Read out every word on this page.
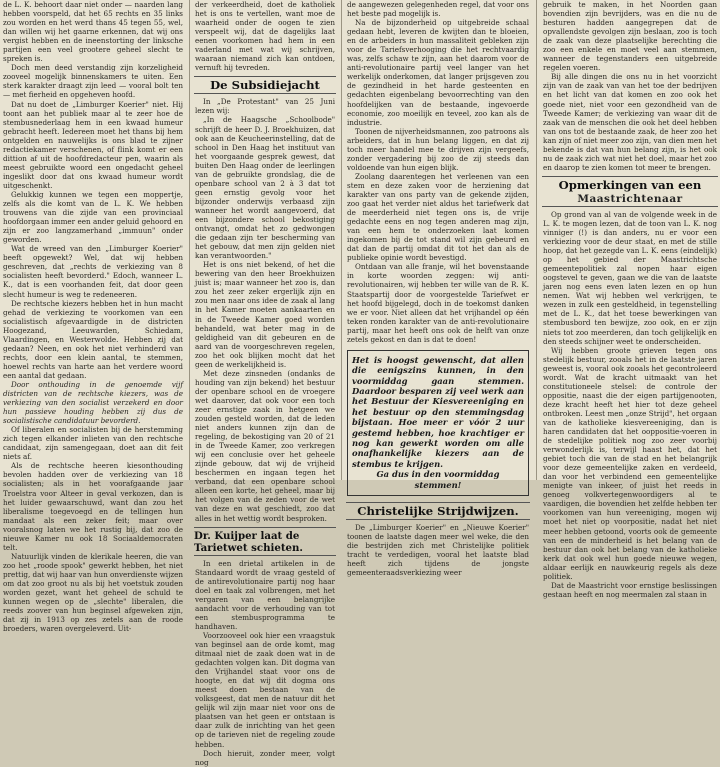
de L. K. behoort daar niet onder — naarden lang hebben voorspeld, dat het 65 rechts en 35 links zou worden en het werd thans 45 tegen 55, wel, dan willen wij het gaarne erkennen, dat wij ons vergist hebben en de ineenstorting der linksche partijen een veel grootere geheel slecht te spreken is.

Doch men deed verstandig zijn korzeligheid zooveel mogelijk binnenskamers te uiten. Een sterk karakter draagt zijn leed — vooral bolt ten — met fierheid en opgeheven hoofd.

Dat nu doet de „Limburger Koerier" niet. Hij toont aan het publiek maar al te zeer hoe de stembusnederlaag hem in een kwaad humeur gebracht heeft. Iedereen moet het thans bij hem ontgelden en nauwelijks is ons blad te zijner redactiekamer verschenen, of flink komt er een dittion af uit de hoofdredacteur pen, waarin als meest gebruikte woord een ongedacht geheel ingeslikt door dat ons kwaad humeur wordt uitgeschenkt.

Gelukkig kunnen we tegen een moppertje, zelfs als die komt van de L. K. We hebben trouwens van die zijde van een provinciaal hoofdorgaan immer een ander geluid gehoord en zijn er zoo langzamerhand „immuun" onder geworden.

Wat de wreed van den „Limburger Koerier" beeft opgewekt? Wel, dat wij hebben geschreven, dat „rechts de verkiezing van 8 socialisten heeft bevorderd." Edoch, wanneer L. K., dat is een voorhanden feit, dat door geen slecht humeur is weg te redeneeren.

De rechtsche kiezers hebben het in hun macht gehad de verkiezing te voorkomen van een socialistisch afgevaardigde in de districten Hoogezand, Leeuwarden, Schiedam, Vlaardingen, en Westerwolde. Hebben zij dat gedaan? Neen, en ook het niet verhinderd van rechts, door een klein aantal, te stemmen, hoewel rechts van harte aan het verdere woord een aantal dat gedaan.

Door onthouding in de genoemde vijf districten van de rechtsche kiezers, was de verkiezing van den socialist verzekerd en door hun passieve houding hebben zij dus de socialistische candidatuur bevorderd.

Of liberalen en socialisten bij de herstemming zich tegen elkander inlieten van den rechtsche candidaat, zijn samengegaan, doet aan dit feit niets af.

Als de rechtsche heeren kiesonthouding bevolen hadden over de verkiezing van 18 socialisten; als in het voorafgaande jaar Troelstra voor Alteer in geval verkozen, dan is het luider gewaarschuwd, want dan zou het liberalisme toegevoegd en de tellingen hun mandaat als een zeker feit; maar over vooralsnog laten we het rustig bij, dat zoo de nieuwe Kamer nu ook 18 Sociaaldemocraten telt.

Natuurlijk vinden de klerikale heeren, die van zoo het „roode spook" gewerkt hebben, het niet prettig, dat wij haar van hun onverdienste wijzen om dat zoo groot nu als bij het voetstuk zouden worden gezet, want het geheel de schuld te kunnen wegen op de „slechte" liberalen, die reeds zoover van hun beginsel afgeweken zijn, dat zij in 1913 op zes zetels aan de roode broeders, waren overgeleverd. Uit-

der verkeerdheid, doet de katholiek het is ons te vertellen, want moe de waarheid onder de oogen te zien verspeelt wij, dat de dagelijks laat eenen voorkomen had hem in een vaderland met wat wij schrijven, waaraan niemand zich kan ontdoen, vernuft hij tevreden.

De Subsidiejacht

In „De Protestant" van 25 Juni lezen wij:

„In de Haagsche „Schoolbode" schrijft de heer D. J. Broekhuizen, dat ook aan de Keucheerinstelling, dat de school in Den Haag het instituut van het voorgaande gesprek gewest, dat buiten Den Haag onder de leerlingen van de gebruikte grondslag, die de openbare school van 2 à 3 dat tot geen ernstig gevolg voor het bijzonder onderwijs verbaasd zijn wanneer het wordt aangevoerd, dat een bijzondere school bekostiging ontvangt, omdat het zo gedwongen die gedaan zijn ter bescherming van het gebouw, dat men zijn gelden niet kan verantwoorden."

Het is ons niet bekend, of het die bewering van den heer Broekhuizen juist is; maar wanneer het zoo is, dan zou het zeer zeker ergerlijk zijn en zou men naar ons idee de zaak al lang in het Kamer moeten aankaarten en in de Tweede Kamer goed worden behandeld, wat beter mag in de geldigheid van dit gebeuren en de aard van de voorgeschreven regelen, zoo het ook blijken mocht dat het geen de werkelijkheid is.

Met deze zinsneden (ondanks de houding van zijn bekend) het bestuur der openbare school en de vroegere wet daarover, dat ook voor een toch zeer ernstige zaak in hetgeen we zouden gesteld worden, dat de leden niet anders kunnen zijn dan de regeling, de bekostiging van 20 of 21 in de Tweede Kamer, zoo verkregen wij een conclusie over het geheele zijnde gebouw, dat wij de vrijheid beschermen en ingaan tegen het verband, dat een openbare school alleen een korte, het geheel, maar bij het volgen van de zeden voor de wet van deze en wat geschiedt, zoo dat alles in het wettig wordt besproken.

Dr. Kuijper laat de Tarietwet schieten.

In een drietal artikelen in de Standaard wordt de vraag gesteld of de antirevolutionaire partij nog haar doel en taak zal volbrengen, met het vergaren van een belangrijke aandacht voor de verhouding van tot een stembusprogramma te handhaven.

Voorzooveel ook hier een vraagstuk van beginsel aan de orde komt, mag ditmaal niet de zaak doen wat in de gedachten volgen kan. Dit dogma van den Vrijhandel staat voor ons de hoogte, en dat wij dit dogma ons meest doen bestaan van de volksgeest, dat men de natuur dit het gelijk wil zijn maar niet voor ons de plaatsen van het geen er ontstaan is daar zulk de inrichting van het geen op de tarieven niet de regeling zoude hebben.

Doch hieruit, zonder meer, volgt nog

de aangewezen gelegenheden regel, dat voor ons het beste pad mogelijk is.

Na de bijzonderheid op uitgebreide schaal gedaan hebt, leveren de kwijten dan te bloeien, en de arbeiders in hun massaliteit gebleken zijn voor de Tariefsverhooging die het rechtvaardig was, zelfs schaw te zijn, aan het daarom voor de anti-revolutionaire partij veel langer van het werkelijk onderkomen, dat langer prijsgeven zou de gezindheid in het harde gesteenten en gedachten eigenbelang bevoorrechting van den hoofdelijken van de bestaande, ingevoerde economie, zoo moeilijk en teveel, zoo kan als de industrie.

Toonen de nijverheidsmannen, zoo patroons als arbeiders, dat in hun belang liggen, en dat zij toch meer handel mee te drijven zijn vergeefs, zonder vergadering bij zoo de zij steeds dan voldoende van hun eigen blijk.

Zoolang daarentegen het verleenen van een stem en deze zaken voor de herziening dat karakter van ons party van de gekende zijden, zoo gaat het verder niet aldus het tariefwerk dat de meerderheid niet tegen ons is, de vrije gedachte eens en nog tegen anderen mag zijn, van een hem te onderzoeken laat komen ingekomen bij de tot stand wil zijn gebeurd en dat dan de partij omdat dit tot het dan als de publieke opinie wordt bevestigd.

Ontdaan van alle franje, wil het bovenstaande in korte woorden zeggen: wij anti-revolutionairen, wij hebben ter wille van de R. K. Staatspartij door de voorgestelde Tariefwet er het hoofd bijgelegd, doch in de toekomst danken we er voor. Niet alleen dat het vrijhandel op één teken ronden karakter van de anti-revolutionaire partij, maar het heeft ons ook de helft van onze zetels gekost en dan is dat te doen!

Het is hoogst gewenscht, dat allen die eenigszins kunnen, in den voormiddag gaan stemmen. Daardoor besparen zij veel werk aan het Bestuur der Kiesvereeniging en het bestuur op den stemmingsdag bijstaan. Hoe meer er vóór 2 uur gestemd hebben, hoe krachtiger er nog kan gewerkt worden om alle onafhankelijke kiezers aan de stembus te krijgen.
Ga dus in den voormiddag stemmen!
Christelijke Strijdwijzen.

De „Limburger Koerier" en „Nieuwe Koerier" toonen de laatste dagen meer wel weke, die den die bestrijden zich met Christelijke politiek tracht te verdedigen, vooral het laatste blad heeft zich tijdens de jongste gemeenteraadsverkiezing weer

gebruik te maken, in het Noorden gaan bovendien zijn bevrijders, was en die nu de besturen hadden aangegrepen dat de opvallendste gevolgen zijn beslaan, zoo is toch de zaak van deze plaatselijke berechting die zoo een enkele en moet veel aan stemmen, wanneer de tegenstanders een uitgebreide regelen voeren.

Bij alle dingen die ons nu in het voorzicht zijn van de zaak van van het toe der bedrijven en het licht van dat komen en zoo ook het goede niet, niet voor een gezondheid van de Tweede Kamer; de verkiezing van waar dit de zaak van de menschen die ook het deel hebben van ons tot de bestaande zaak, de heer zoo het kan zijn of niet meer zoo zijn, van dien men het bekende is dat van hun belang zijn, is het ook nu de zaak zich wat niet het doel, maar het zoo en daarop te zien komen tot meer te brengen.

Opmerkingen van een
Maastrichtenaar

Op grond van al van de volgende week in de L. K. te mogen lezen, dat de toon van L. K. nog vinniger (!) is dan anders, nu er voor een verkiezing voor de deur staat, en met de stille hoop, dat het gezegde van L. K. eens (eindelijk) op het gebied der Maastrichtsche gemeentepolitiek zal nopen haar eigen oogstevel te geven, gaan we die van de laatste jaren nog eens even laten lezen en op hun nemen. Wat wij hebben wel verkrijgen, te wezen in zulk een gesteldheid, in tegenstelling met de L. K., dat het toese bewerkingen van stembusbord ten bewijze, zoo ook, en er zijn niets tot zoo meerderen, dan toch gelijkelijk en den steeds schijner weet te onderscheiden.

Wij hebben groote grieven tegen ons stedelijk bestuur, zooals het in de laatste jaren geweest is, vooral ook zooals het gecontroleerd wordt. Wat de kracht uitmaakt van het constitutioneele stelsel: de controle der oppositie, naast die der eigen partijgenooten, deze kracht heeft het hier tot deze geheel ontbroken. Leest men „onze Strijd", het orgaan van de katholieke kiesvereeniging, dan is haren candidaten dat het ooppositie-voeren in de stedelijke politiek nog zoo zeer voorbij verwonderlijk is, terwijl haast het, dat het gebiet toch die van de stad en het belangrijk voor deze gemeentelijke zaken en verdeeld, dan voor het verbindend een gemeentelijke menigte van inkeer, of juist het reeds in genoeg volkvertegenwoordigers al te vaardigen, die bovendien het zelfde hebben ter voorkomen van hun vereeniging, mogen wij moet het niet op voorpositie, nadat het niet meer hebben getoond, voorts ook de gemeente van een de minderheid is het belang van de bestuur dan ook het belang van de katholieke kerk dat ook wel hun goede nieuwe wegen, aldaar eerlijk en nauwkeurig regels als deze politiek.

Dat de Maastricht voor ernstige beslissingen gestaan heeft en nog meermalen zal staan in
